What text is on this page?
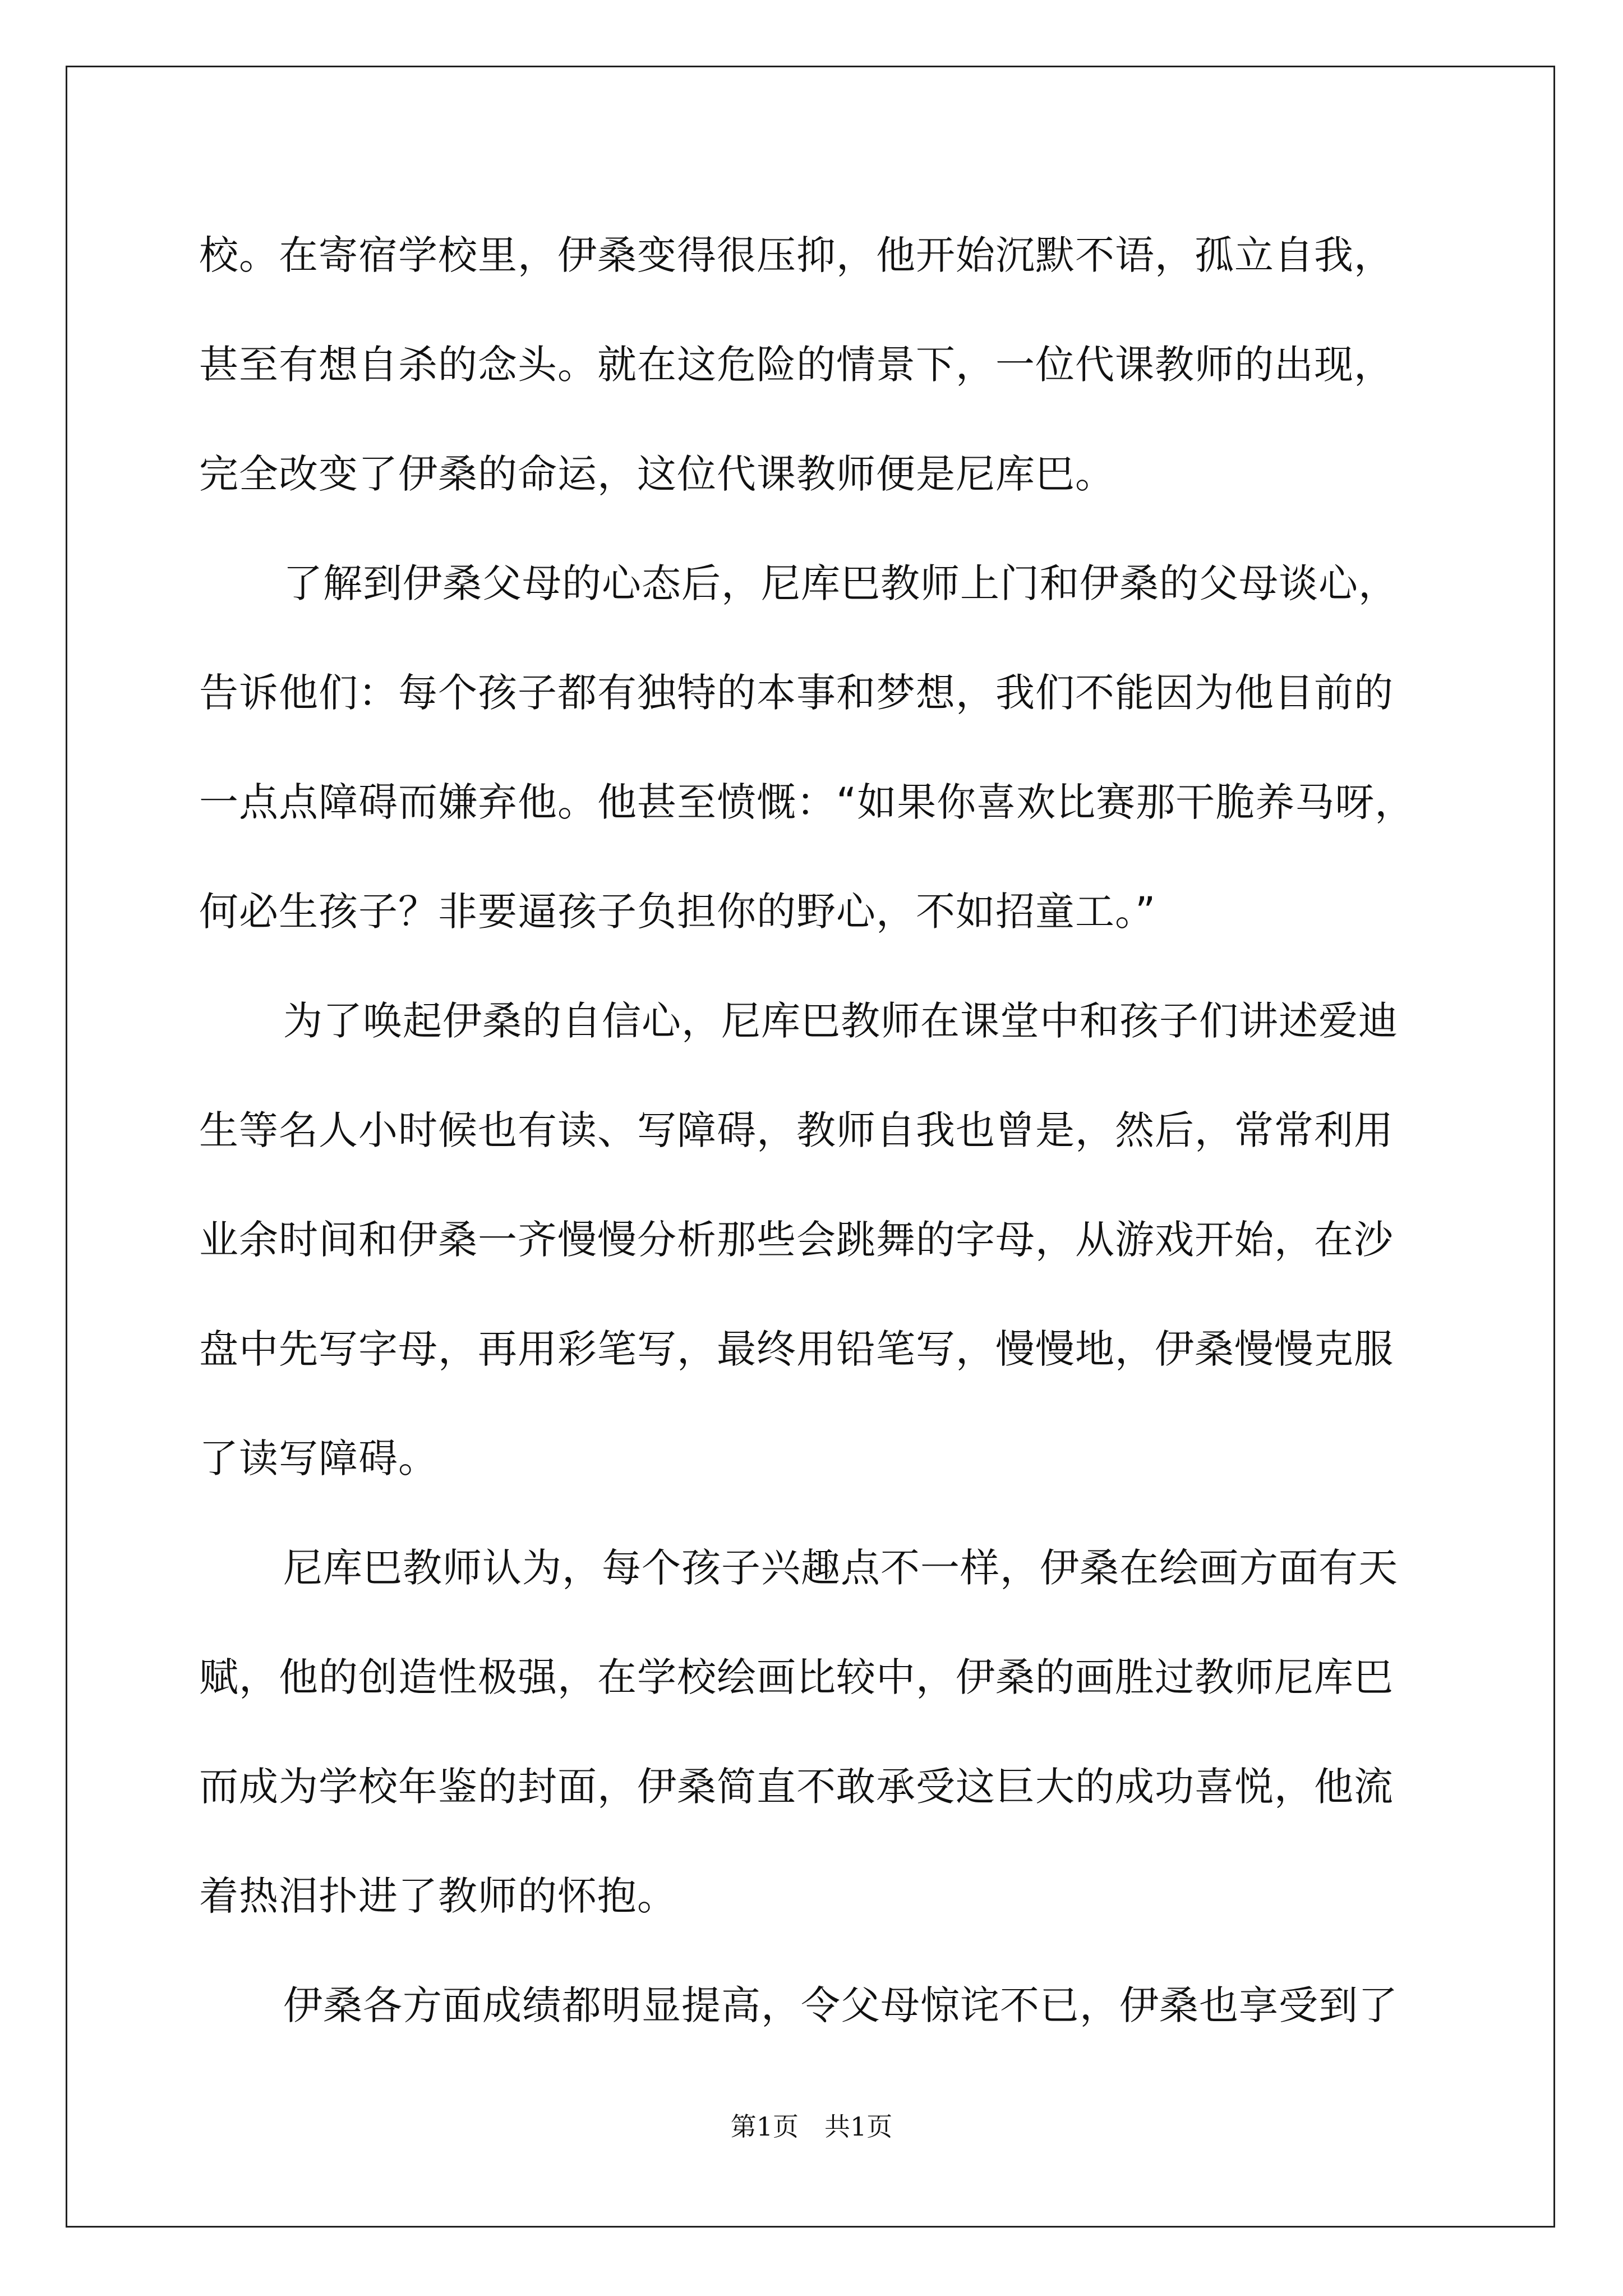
校。在寄宿学校里，伊桑变得很压抑，他开始沉默不语，孤立自我，
甚至有想自杀的念头。就在这危险的情景下，一位代课教师的出现，
完全改变了伊桑的命运，这位代课教师便是尼库巴。
了解到伊桑父母的心态后，尼库巴教师上门和伊桑的父母谈心，
告诉他们：每个孩子都有独特的本事和梦想，我们不能因为他目前的
一点点障碍而嫌弃他。他甚至愤慨：“如果你喜欢比赛那干脆养马呀，
何必生孩子？非要逼孩子负担你的野心，不如招童工。”
为了唤起伊桑的自信心，尼库巴教师在课堂中和孩子们讲述爱迪
生等名人小时候也有读、写障碍，教师自我也曾是，然后，常常利用
业余时间和伊桑一齐慢慢分析那些会跳舞的字母，从游戏开始，在沙
盘中先写字母，再用彩笔写，最终用铅笔写，慢慢地，伊桑慢慢克服
了读写障碍。
尼库巴教师认为，每个孩子兴趣点不一样，伊桑在绘画方面有天
赋，他的创造性极强，在学校绘画比较中，伊桑的画胜过教师尼库巴
而成为学校年鉴的封面，伊桑简直不敢承受这巨大的成功喜悦，他流
着热泪扑进了教师的怀抱。
伊桑各方面成绩都明显提高，令父母惊诧不已，伊桑也享受到了
第1页　共1页
